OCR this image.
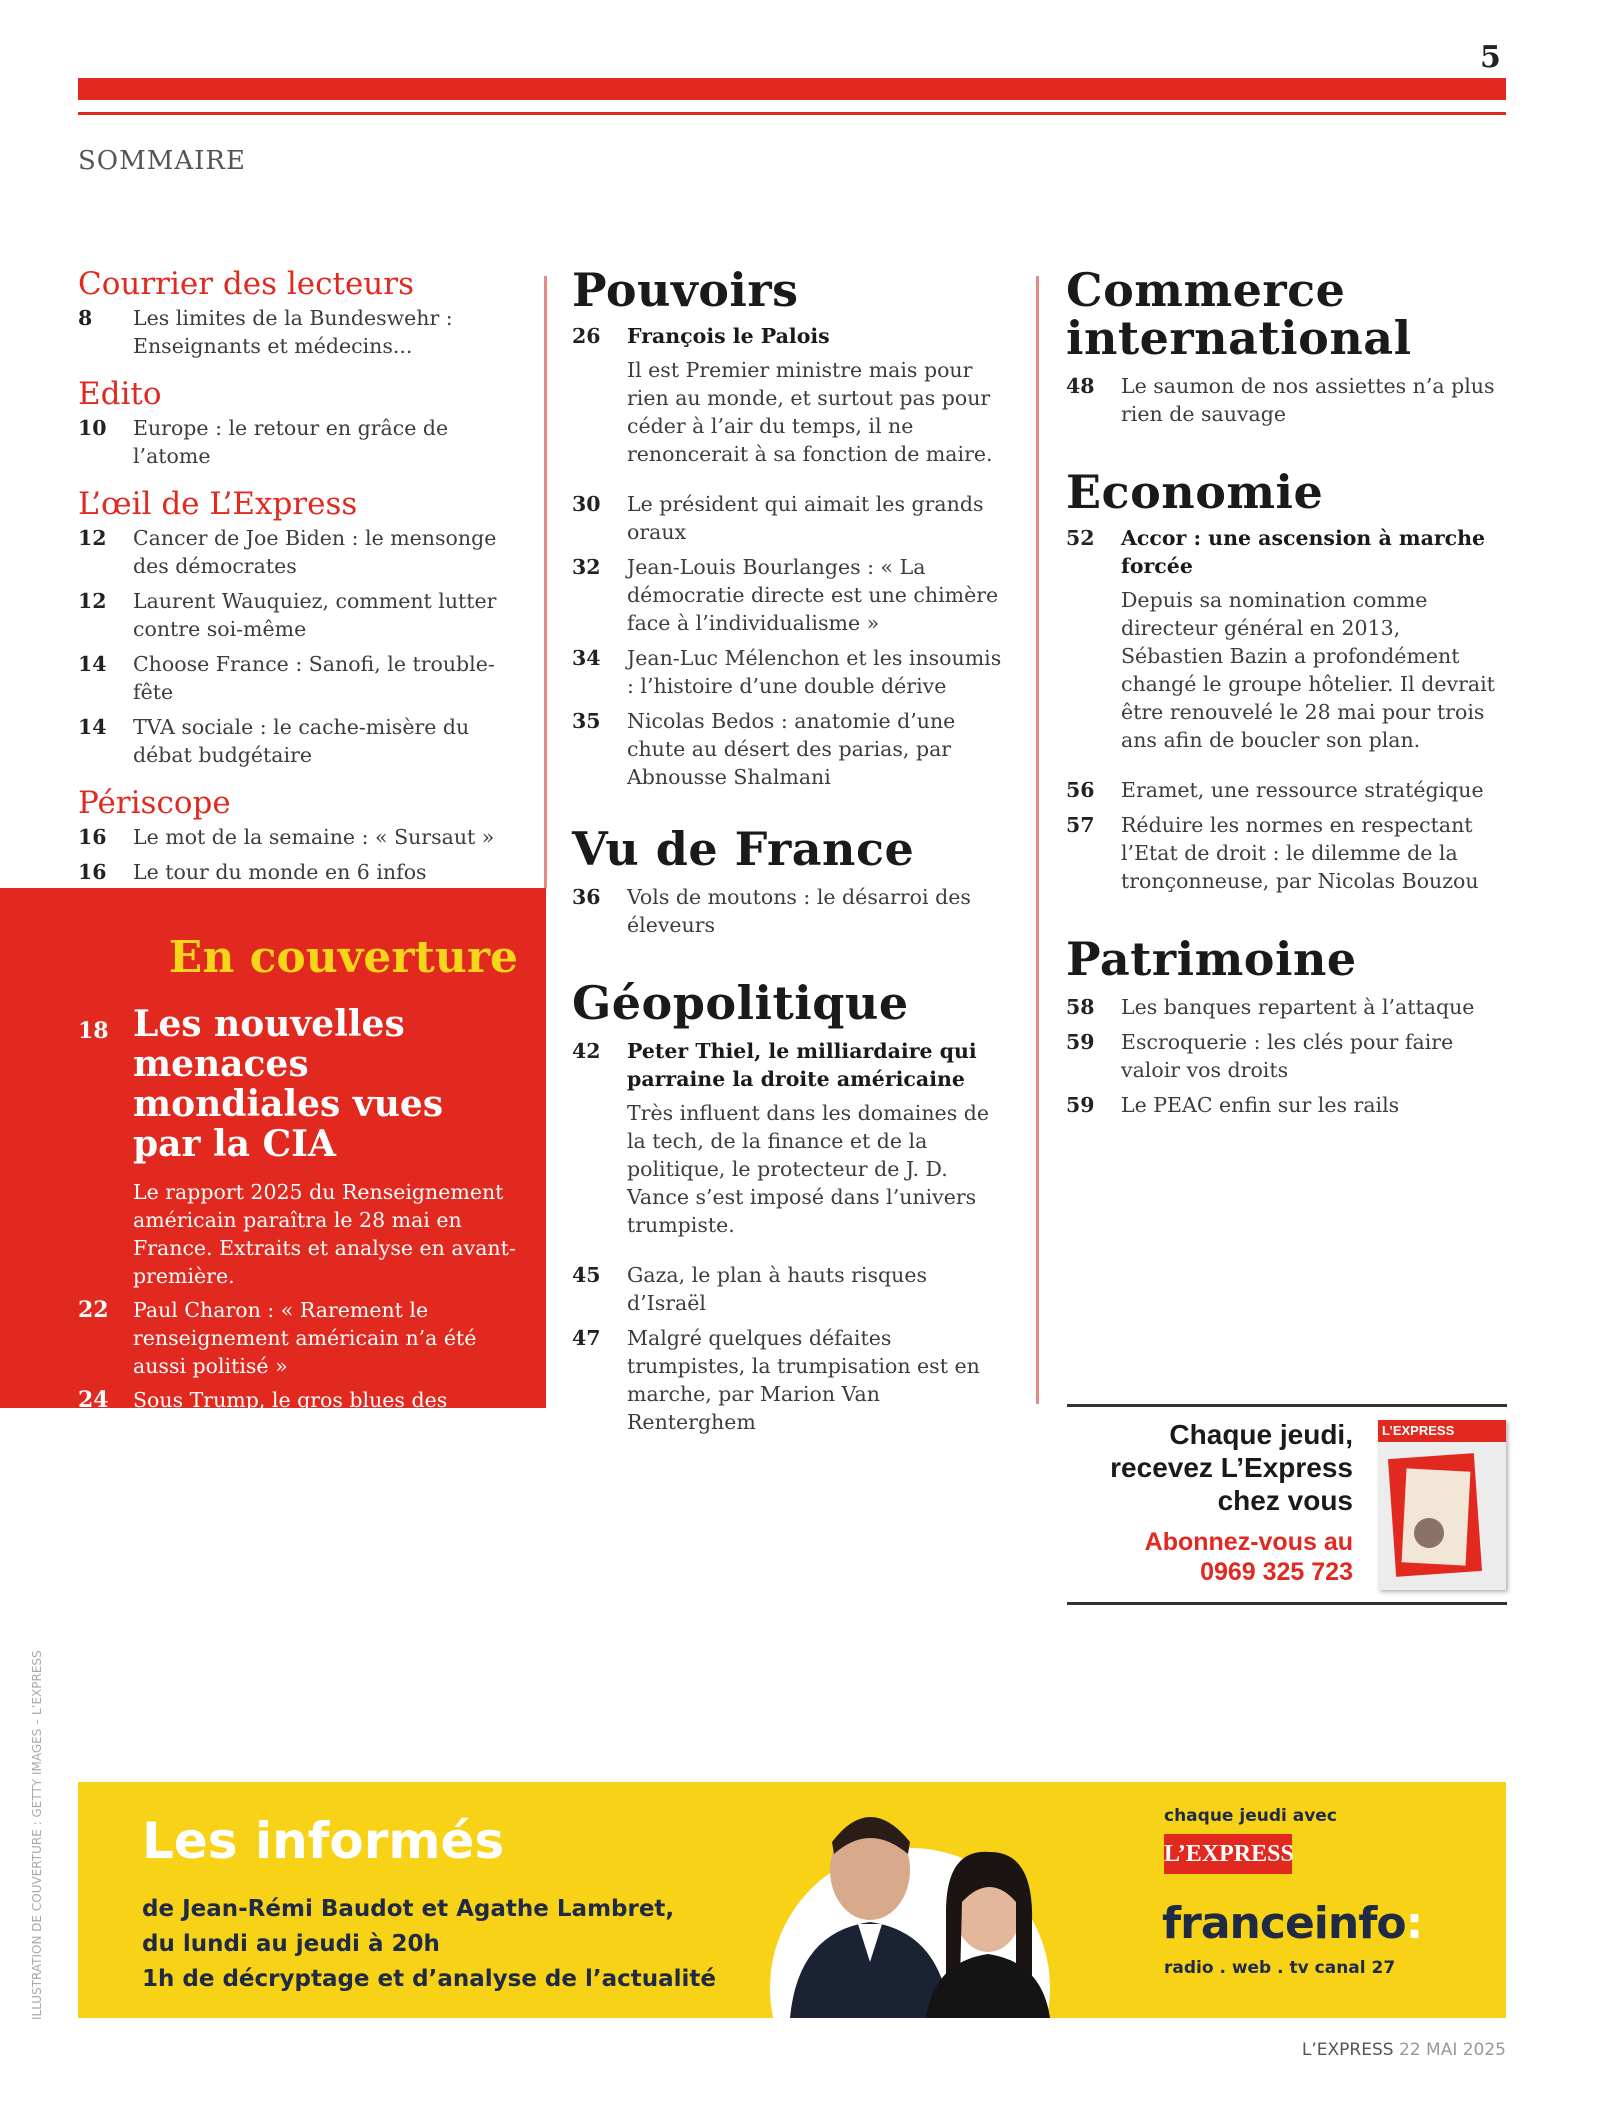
5
SOMMAIRE
Courrier des lecteurs
8	Les limites de la Bundeswehr : Enseignants et médecins...
Edito
10	Europe : le retour en grâce de l’atome
L’œil de L’Express
12	Cancer de Joe Biden : le mensonge des démocrates
12	Laurent Wauquiez, comment lutter contre soi-même
14	Choose France : Sanofi, le trouble-fête
14	TVA sociale : le cache-misère du débat budgétaire
Périscope
16	Le mot de la semaine : « Sursaut »
16	Le tour du monde en 6 infos
En couverture
18 Les nouvelles menaces mondiales vues par la CIA
Le rapport 2025 du Renseignement américain paraîtra le 28 mai en France. Extraits et analyse en avant-première.
22	Paul Charon : « Rarement le renseignement américain n’a été aussi politisé »
24	Sous Trump, le gros blues des espions
Pouvoirs
26	François le Palois
Il est Premier ministre mais pour rien au monde, et surtout pas pour céder à l’air du temps, il ne renoncerait à sa fonction de maire.
30	Le président qui aimait les grands oraux
32	Jean-Louis Bourlanges : « La démocratie directe est une chimère face à l’individualisme »
34	Jean-Luc Mélenchon et les insoumis : l’histoire d’une double dérive
35	Nicolas Bedos : anatomie d’une chute au désert des parias, par Abnousse Shalmani
Vu de France
36	Vols de moutons : le désarroi des éleveurs
Géopolitique
42	Peter Thiel, le milliardaire qui parraine la droite américaine
Très influent dans les domaines de la tech, de la finance et de la politique, le protecteur de J. D. Vance s’est imposé dans l’univers trumpiste.
45	Gaza, le plan à hauts risques d’Israël
47	Malgré quelques défaites trumpistes, la trumpisation est en marche, par Marion Van Renterghem
Commerce international
48	Le saumon de nos assiettes n’a plus rien de sauvage
Economie
52	Accor : une ascension à marche forcée
Depuis sa nomination comme directeur général en 2013, Sébastien Bazin a profondément changé le groupe hôtelier. Il devrait être renouvelé le 28 mai pour trois ans afin de boucler son plan.
56	Eramet, une ressource stratégique
57	Réduire les normes en respectant l’Etat de droit : le dilemme de la tronçonneuse, par Nicolas Bouzou
Patrimoine
58	Les banques repartent à l’attaque
59	Escroquerie : les clés pour faire valoir vos droits
59	Le PEAC enfin sur les rails
Chaque jeudi,
recevez L’Express
chez vous
Abonnez-vous au
0969 325 723
L’EXPRESS
Les informés
de Jean-Rémi Baudot et Agathe Lambret,
du lundi au jeudi à 20h
1h de décryptage et d’analyse de l’actualité
chaque jeudi avec
L’EXPRESS
franceinfo:
radio . web . tv canal 27
L’EXPRESS 22 MAI 2025
ILLUSTRATION DE COUVERTURE : GETTY IMAGES – L’EXPRESS
